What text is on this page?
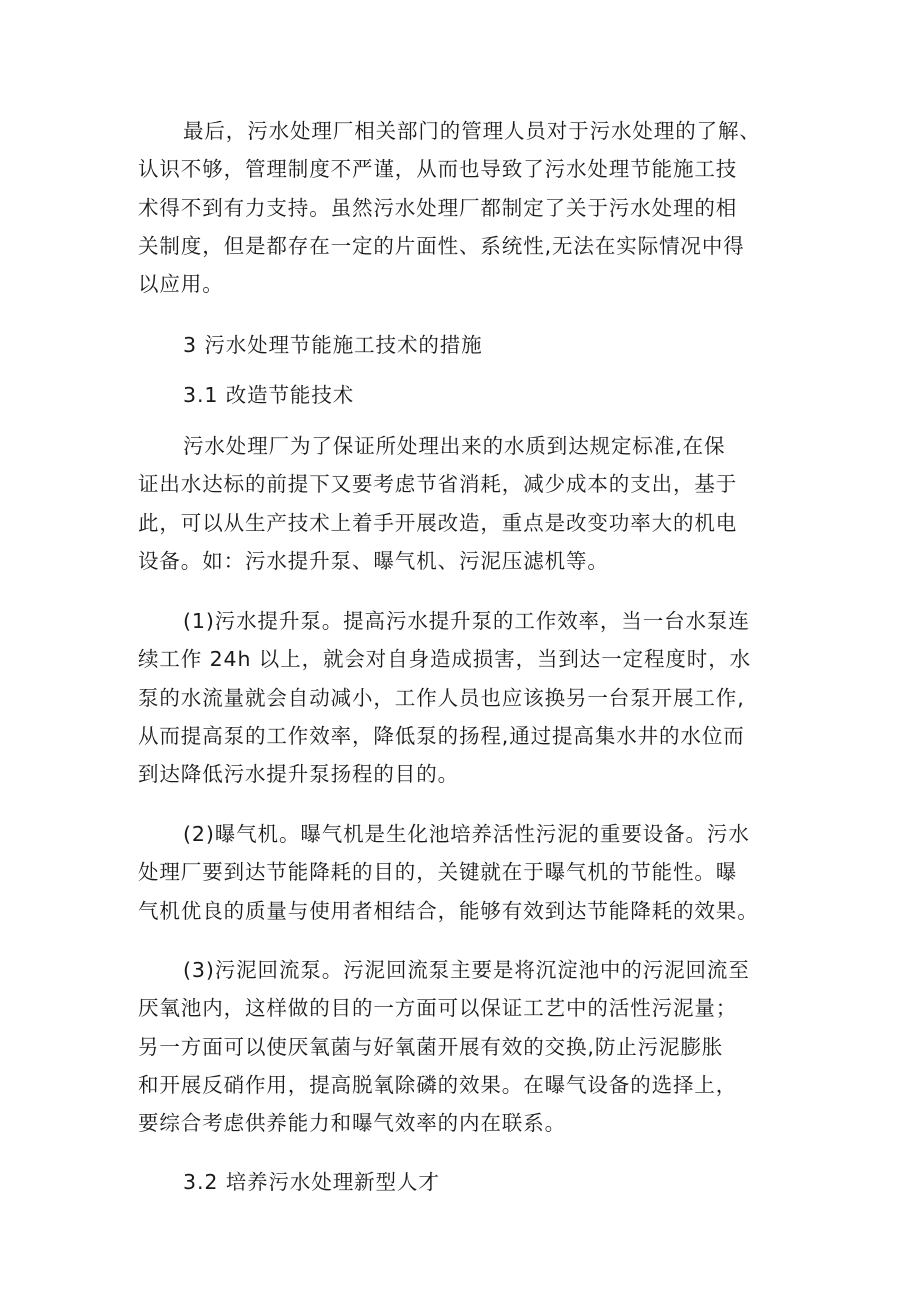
最后，污水处理厂相关部门的管理人员对于污水处理的了解、
认识不够，管理制度不严谨，从而也导致了污水处理节能施工技
术得不到有力支持。虽然污水处理厂都制定了关于污水处理的相
关制度，但是都存在一定的片面性、系统性,无法在实际情况中得
以应用。
3 污水处理节能施工技术的措施
3.1 改造节能技术
污水处理厂为了保证所处理出来的水质到达规定标准,在保
证出水达标的前提下又要考虑节省消耗，减少成本的支出，基于
此，可以从生产技术上着手开展改造，重点是改变功率大的机电
设备。如：污水提升泵、曝气机、污泥压滤机等。
(1)污水提升泵。提高污水提升泵的工作效率，当一台水泵连
续工作 24h 以上，就会对自身造成损害，当到达一定程度时，水
泵的水流量就会自动减小，工作人员也应该换另一台泵开展工作,
从而提高泵的工作效率，降低泵的扬程,通过提高集水井的水位而
到达降低污水提升泵扬程的目的。
(2)曝气机。曝气机是生化池培养活性污泥的重要设备。污水
处理厂要到达节能降耗的目的，关键就在于曝气机的节能性。曝
气机优良的质量与使用者相结合，能够有效到达节能降耗的效果。
(3)污泥回流泵。污泥回流泵主要是将沉淀池中的污泥回流至
厌氧池内，这样做的目的一方面可以保证工艺中的活性污泥量；
另一方面可以使厌氧菌与好氧菌开展有效的交换,防止污泥膨胀
和开展反硝作用，提高脱氧除磷的效果。在曝气设备的选择上，
要综合考虑供养能力和曝气效率的内在联系。
3.2 培养污水处理新型人才
